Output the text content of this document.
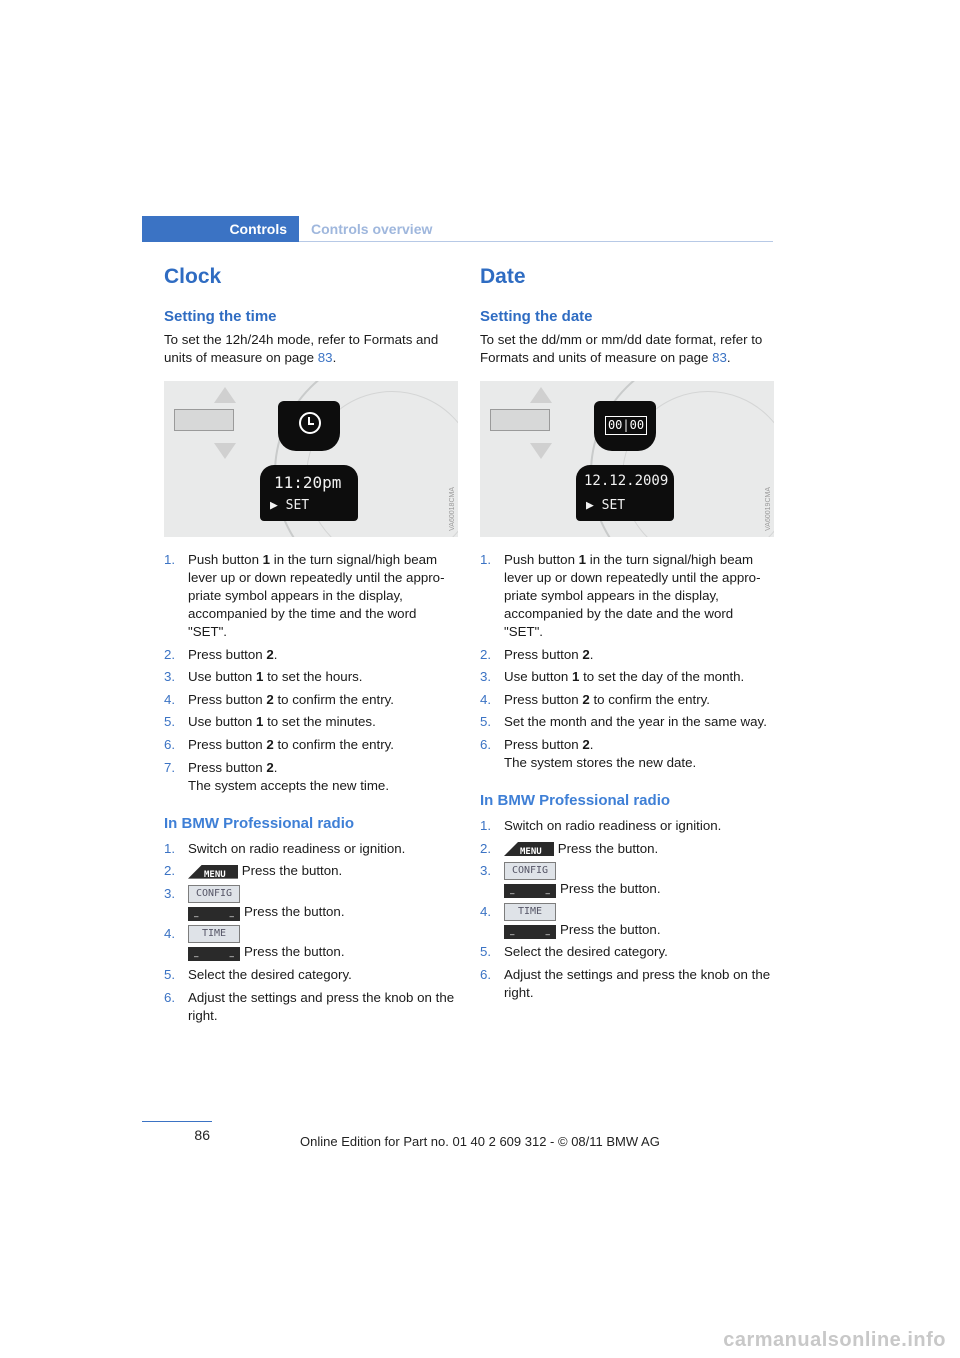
Controls	Controls overview
Clock
Setting the time

To set the 12h/24h mode, refer to Formats and units of measure on page 83.

11:20pm
▶ SET	VA60018CMA
1. Push button 1 in the turn signal/high beam lever up or down repeatedly until the appro-priate symbol appears in the display, accompanied by the time and the word "SET".
2. Press button 2.
3. Use button 1 to set the hours.
4. Press button 2 to confirm the entry.
5. Use button 1 to set the minutes.
6. Press button 2 to confirm the entry.
7. Press button 2.
The system accepts the new time.
In BMW Professional radio
1. Switch on radio readiness or ignition.
2.	MENU Press the button.
3.	CONFIG
–	– Press the button.
4.	TIME
–	– Press the button.
5. Select the desired category.
6. Adjust the settings and press the knob on the right.
Date
Setting the date

To set the dd/mm or mm/dd date format, refer to Formats and units of measure on page 83.

00|00
12.12.2009
▶ SET	VA60019CMA
1. Push button 1 in the turn signal/high beam lever up or down repeatedly until the appro-priate symbol appears in the display, accompanied by the date and the word "SET".
2. Press button 2.
3. Use button 1 to set the day of the month.
4. Press button 2 to confirm the entry.
5. Set the month and the year in the same way.
6. Press button 2.
The system stores the new date.
In BMW Professional radio
1. Switch on radio readiness or ignition.
2.	MENU Press the button.
3.	CONFIG
–	– Press the button.
4.	TIME
–	– Press the button.
5. Select the desired category.
6. Adjust the settings and press the knob on the right.
86	Online Edition for Part no. 01 40 2 609 312 - © 08/11 BMW AG
carmanualsonline.info
